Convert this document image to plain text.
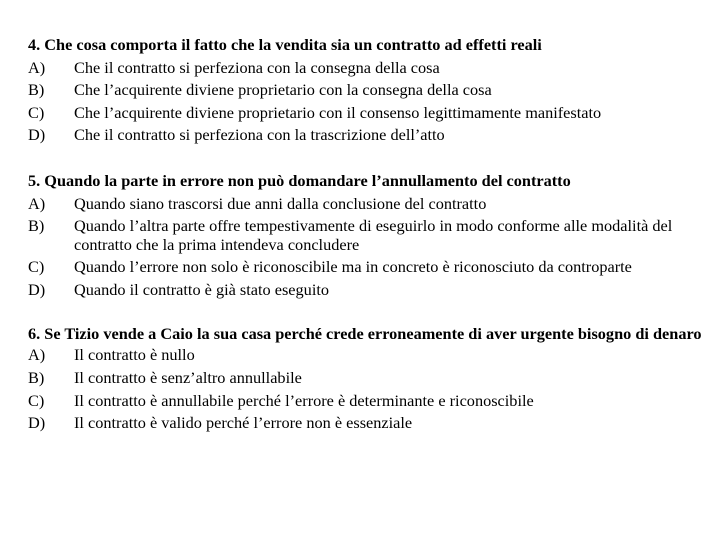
4. Che cosa comporta il fatto che la vendita sia un contratto ad effetti reali

A)	Che il contratto si perfeziona con la consegna della cosa
B)	Che l’acquirente diviene proprietario con la consegna della cosa
C)	Che l’acquirente diviene proprietario con il consenso legittimamente manifestato
D)	Che il contratto si perfeziona con la trascrizione dell’atto

5. Quando la parte in errore non può domandare l’annullamento del contratto

A)	Quando siano trascorsi due anni dalla conclusione del contratto
B)	Quando l’altra parte offre tempestivamente di eseguirlo in modo conforme alle modalità del contratto che la prima intendeva concludere
C)	Quando l’errore non solo è riconoscibile ma in concreto è riconosciuto da controparte
D)	Quando il contratto è già stato eseguito

6. Se Tizio vende a Caio la sua casa perché crede erroneamente di aver urgente bisogno di denaro

A)	Il contratto è nullo
B)	Il contratto è senz’altro annullabile
C)	Il contratto è annullabile perché l’errore è determinante e riconoscibile
D)	Il contratto è valido perché l’errore non è essenziale
